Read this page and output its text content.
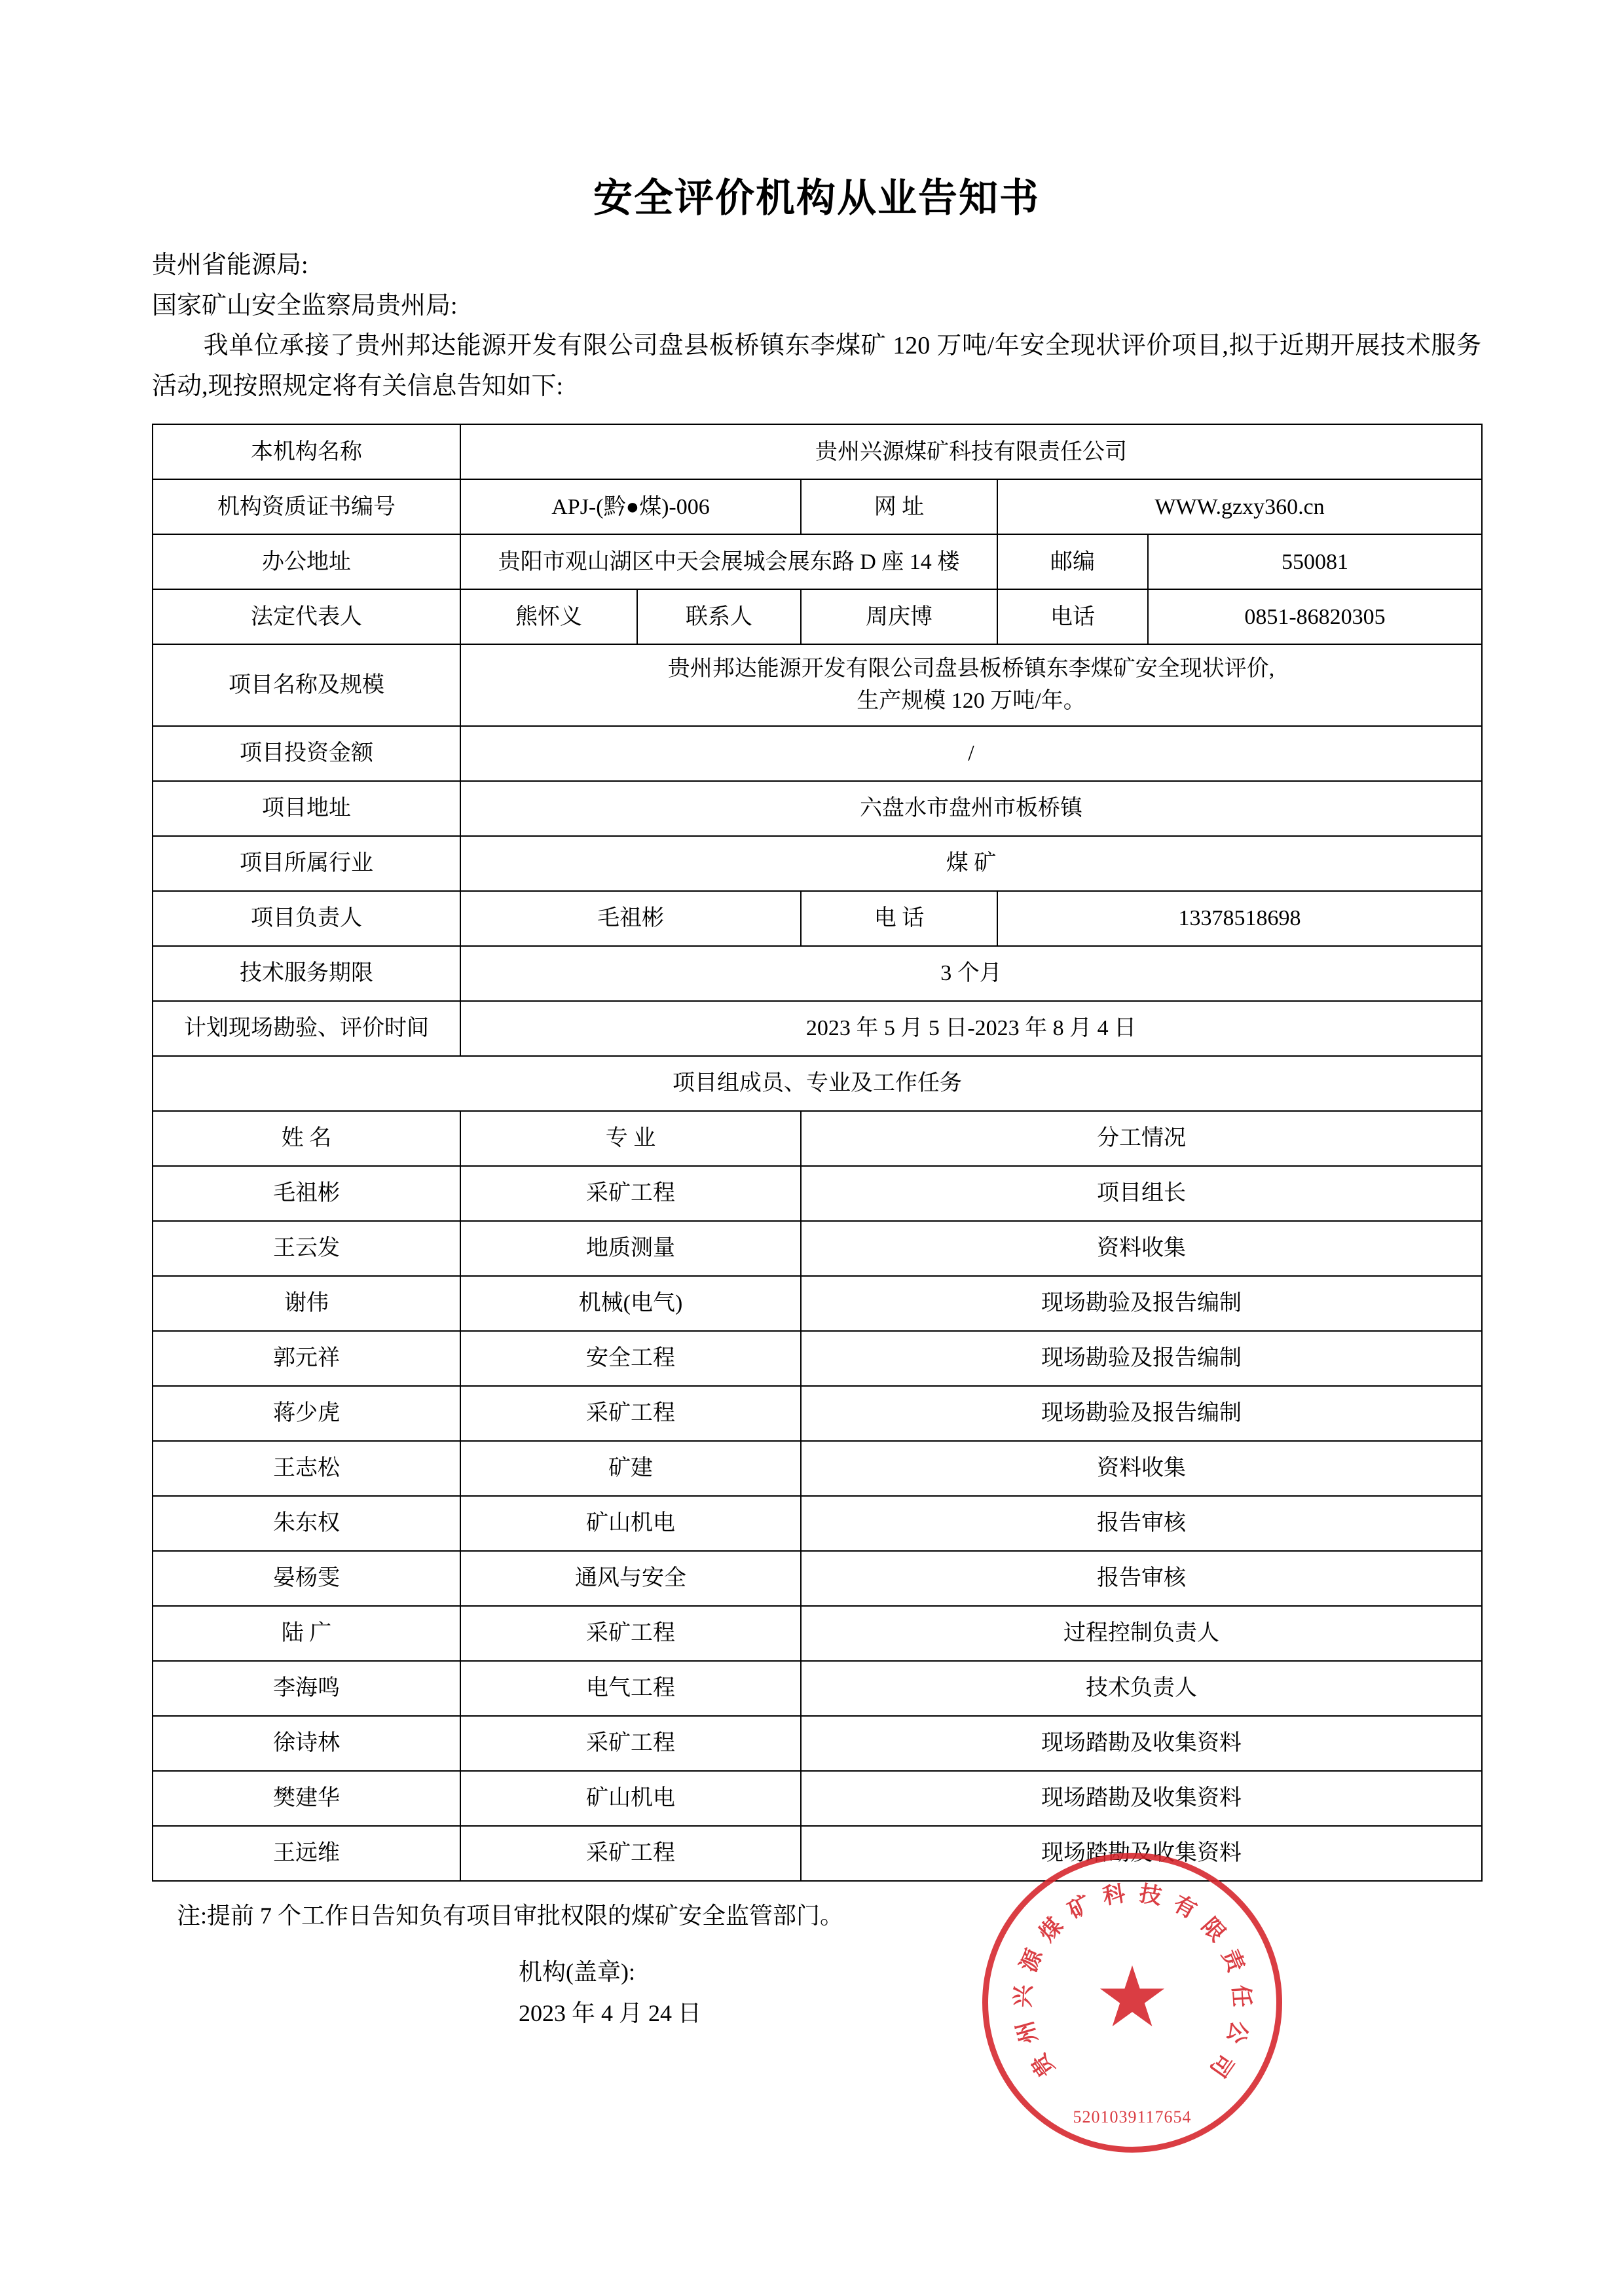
安全评价机构从业告知书

贵州省能源局:

国家矿山安全监察局贵州局:

我单位承接了贵州邦达能源开发有限公司盘县板桥镇东李煤矿 120 万吨/年安全现状评价项目,拟于近期开展技术服务活动,现按照规定将有关信息告知如下:

本机构名称	贵州兴源煤矿科技有限责任公司				
机构资质证书编号	APJ-(黔●煤)-006		网 址	WWW.gzxy360.cn	
办公地址	贵阳市观山湖区中天会展城会展东路 D 座 14 楼			邮编	550081
法定代表人	熊怀义	联系人	周庆博	电话	0851-86820305
项目名称及规模	贵州邦达能源开发有限公司盘县板桥镇东李煤矿安全现状评价,
生产规模 120 万吨/年。				

项目投资金额	/				
项目地址	六盘水市盘州市板桥镇				
项目所属行业	煤 矿				
项目负责人	毛祖彬		电 话	13378518698	
技术服务期限	3 个月				
计划现场勘验、评价时间	2023 年 5 月 5 日-2023 年 8 月 4 日				
项目组成员、专业及工作任务					
姓 名	专 业		分工情况		
毛祖彬	采矿工程		项目组长		
王云发	地质测量		资料收集		
谢伟	机械(电气)		现场勘验及报告编制		
郭元祥	安全工程		现场勘验及报告编制		
蒋少虎	采矿工程		现场勘验及报告编制		
王志松	矿建		资料收集		
朱东权	矿山机电		报告审核		
晏杨雯	通风与安全		报告审核		
陆 广	采矿工程		过程控制负责人		
李海鸣	电气工程		技术负责人		
徐诗林	采矿工程		现场踏勘及收集资料		
樊建华	矿山机电		现场踏勘及收集资料		
王远维	采矿工程		现场踏勘及收集资料		
注:提前 7 个工作日告知负有项目审批权限的煤矿安全监管部门。
机构(盖章):
2023 年 4 月 24 日	★
贵
州
兴
源
煤
矿 科 技 有
限
责
任
公
司
5201039117654
